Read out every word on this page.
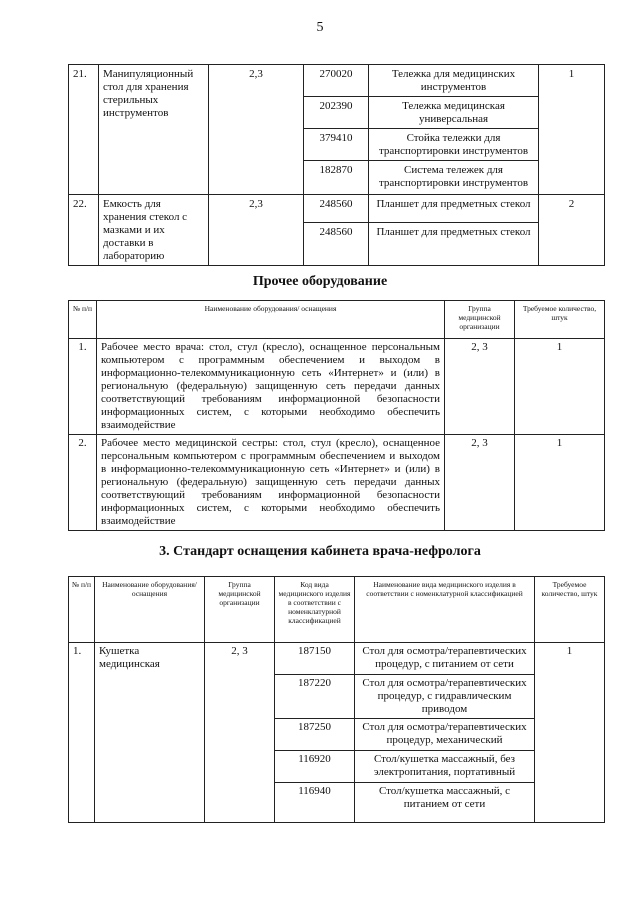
5
21.	Манипуляционный стол для хранения стерильных инструментов	2,3	270020	Тележка для медицинских инструментов	1
			202390	Тележка медицинская универсальная	
			379410	Стойка тележки для транспортировки инструментов	
			182870	Система тележек для транспортировки инструментов	
22.	Емкость для хранения стекол с мазками и их доставки в лабораторию	2,3	248560	Планшет для предметных стекол	2
			248560	Планшет для предметных стекол	
Прочее оборудование
№ п/п	Наименование оборудования/ оснащения	Группа медицинской организации	Требуемое количество, штук
1.	Рабочее место врача: стол, стул (кресло), оснащенное персональным компьютером с программным обеспечением и выходом в информационно-телекоммуникационную сеть «Интернет» и (или) в региональную (федеральную) защищенную сеть передачи данных соответствующий требованиям информационной безопасности информационных систем, с которыми необходимо обеспечить взаимодействие	2, 3	1
2.	Рабочее место медицинской сестры: стол, стул (кресло), оснащенное персональным компьютером с программным обеспечением и выходом в информационно-телекоммуникационную сеть «Интернет» и (или) в региональную (федеральную) защищенную сеть передачи данных соответствующий требованиям информационной безопасности информационных систем, с которыми необходимо обеспечить взаимодействие	2, 3	1
3. Стандарт оснащения кабинета врача-нефролога
№ п/п	Наименование оборудования/ оснащения	Группа медицинской организации	Код вида медицинского изделия в соответствии с номенклатурной классификацией	Наименование вида медицинского изделия в соответствии с номенклатурной классификацией	Требуемое количество, штук
1.	Кушетка медицинская	2, 3	187150	Стол для осмотра/терапевтических процедур, с питанием от сети	1
			187220	Стол для осмотра/терапевтических процедур, с гидравлическим приводом	
			187250	Стол для осмотра/терапевтических процедур, механический	
			116920	Стол/кушетка массажный, без электропитания, портативный	
			116940	Стол/кушетка массажный, с питанием от сети	
